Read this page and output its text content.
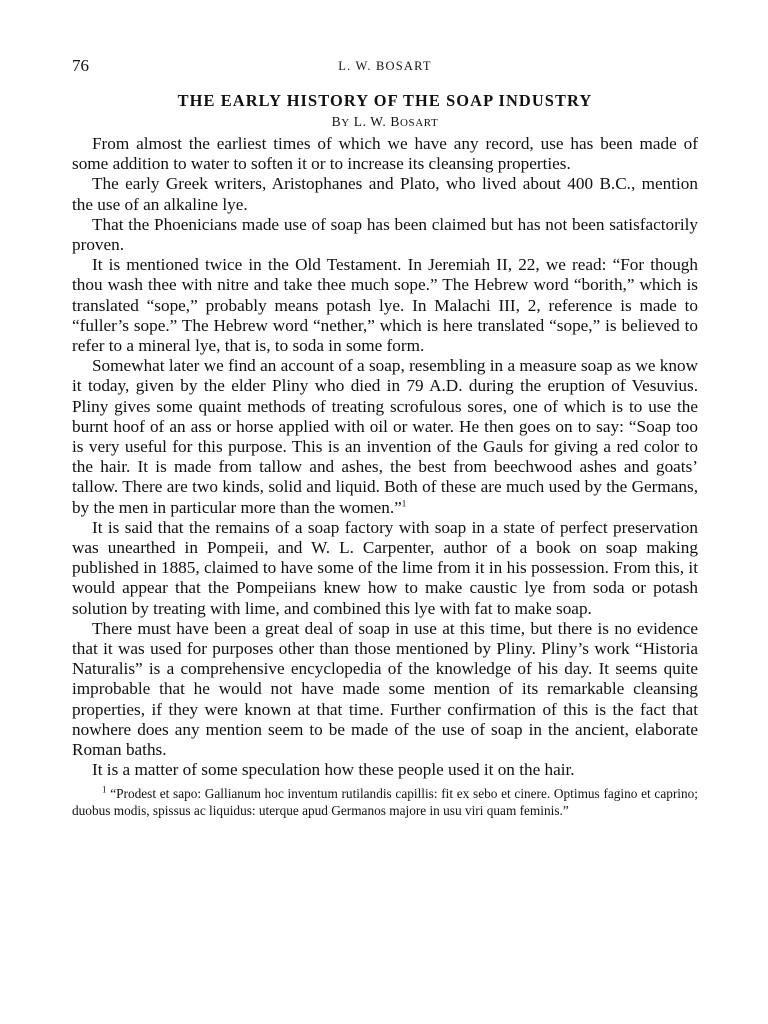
76	L. W. BOSART
THE EARLY HISTORY OF THE SOAP INDUSTRY
BY L. W. BOSART

From almost the earliest times of which we have any record, use has been made of some addition to water to soften it or to increase its cleansing properties.

The early Greek writers, Aristophanes and Plato, who lived about 400 B.C., mention the use of an alkaline lye.

That the Phoenicians made use of soap has been claimed but has not been satisfactorily proven.

It is mentioned twice in the Old Testament. In Jeremiah II, 22, we read: “For though thou wash thee with nitre and take thee much sope.” The Hebrew word “borith,” which is translated “sope,” probably means potash lye. In Malachi III, 2, reference is made to “fuller’s sope.” The Hebrew word “nether,” which is here translated “sope,” is believed to refer to a mineral lye, that is, to soda in some form.

Somewhat later we find an account of a soap, resembling in a measure soap as we know it today, given by the elder Pliny who died in 79 A.D. during the eruption of Vesuvius. Pliny gives some quaint methods of treating scrofulous sores, one of which is to use the burnt hoof of an ass or horse applied with oil or water. He then goes on to say: “Soap too is very useful for this purpose. This is an invention of the Gauls for giving a red color to the hair. It is made from tallow and ashes, the best from beechwood ashes and goats’ tallow. There are two kinds, solid and liquid. Both of these are much used by the Germans, by the men in particular more than the women.”$^1$

It is said that the remains of a soap factory with soap in a state of perfect preservation was unearthed in Pompeii, and W. L. Carpenter, author of a book on soap making published in 1885, claimed to have some of the lime from it in his possession. From this, it would appear that the Pompeiians knew how to make caustic lye from soda or potash solution by treating with lime, and combined this lye with fat to make soap.

There must have been a great deal of soap in use at this time, but there is no evidence that it was used for purposes other than those mentioned by Pliny. Pliny’s work “Historia Naturalis” is a comprehensive encyclopedia of the knowledge of his day. It seems quite improbable that he would not have made some mention of its remarkable cleansing properties, if they were known at that time. Further confirmation of this is the fact that nowhere does any mention seem to be made of the use of soap in the ancient, elaborate Roman baths.

It is a matter of some speculation how these people used it on the hair.

$^1$ “Prodest et sapo: Gallianum hoc inventum rutilandis capillis: fit ex sebo et cinere. Optimus fagino et caprino; duobus modis, spissus ac liquidus: uterque apud Germanos majore in usu viri quam feminis.”
